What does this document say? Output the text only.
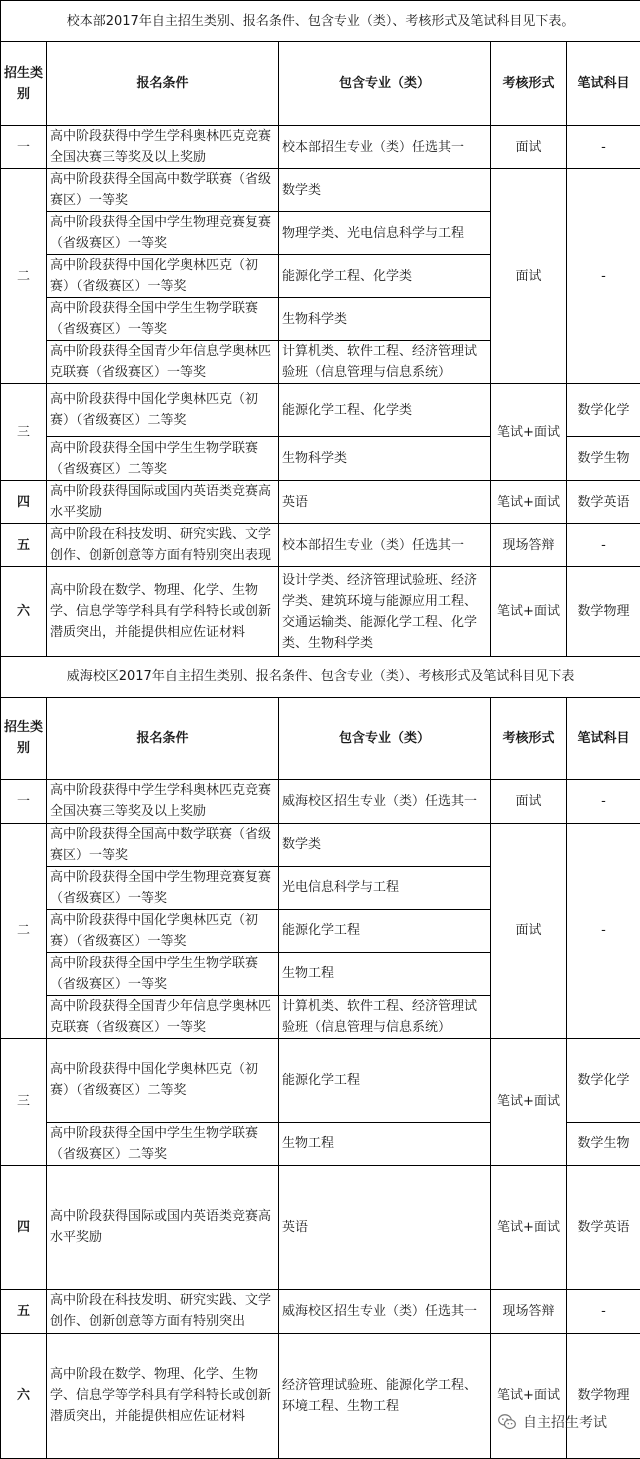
校本部2017年自主招生类别、报名条件、包含专业（类）、考核形式及笔试科目见下表。				
招生类别	报名条件	包含专业（类）	考核形式	笔试科目
一	高中阶段获得中学生学科奥林匹克竞赛全国决赛三等奖及以上奖励	校本部招生专业（类）任选其一	面试	-
二	高中阶段获得全国高中数学联赛（省级赛区）一等奖	数学类	面试	-
	高中阶段获得全国中学生物理竞赛复赛（省级赛区）一等奖	物理学类、光电信息科学与工程		
	高中阶段获得中国化学奥林匹克（初赛）（省级赛区）一等奖	能源化学工程、化学类		
	高中阶段获得全国中学生生物学联赛（省级赛区）一等奖	生物科学类		
	高中阶段获得全国青少年信息学奥林匹克联赛（省级赛区）一等奖	计算机类、软件工程、经济管理试验班（信息管理与信息系统）		
三	高中阶段获得中国化学奥林匹克（初赛）（省级赛区）二等奖	能源化学工程、化学类	笔试+面试	数学化学
	高中阶段获得全国中学生生物学联赛（省级赛区）二等奖	生物科学类		数学生物
四	高中阶段获得国际或国内英语类竞赛高水平奖励	英语	笔试+面试	数学英语
五	高中阶段在科技发明、研究实践、文学创作、创新创意等方面有特别突出表现	校本部招生专业（类）任选其一	现场答辩	-
六	高中阶段在数学、物理、化学、生物学、信息学等学科具有学科特长或创新潜质突出，并能提供相应佐证材料	设计学类、经济管理试验班、经济学类、建筑环境与能源应用工程、交通运输类、能源化学工程、化学类、生物科学类	笔试+面试	数学物理
威海校区2017年自主招生类别、报名条件、包含专业（类）、考核形式及笔试科目见下表				
招生类别	报名条件	包含专业（类）	考核形式	笔试科目
一	高中阶段获得中学生学科奥林匹克竞赛全国决赛三等奖及以上奖励	威海校区招生专业（类）任选其一	面试	-
二	高中阶段获得全国高中数学联赛（省级赛区）一等奖	数学类	面试	-
	高中阶段获得全国中学生物理竞赛复赛（省级赛区）一等奖	光电信息科学与工程		
	高中阶段获得中国化学奥林匹克（初赛）（省级赛区）一等奖	能源化学工程		
	高中阶段获得全国中学生生物学联赛（省级赛区）一等奖	生物工程		
	高中阶段获得全国青少年信息学奥林匹克联赛（省级赛区）一等奖	计算机类、软件工程、经济管理试验班（信息管理与信息系统）		
三	高中阶段获得中国化学奥林匹克（初赛）（省级赛区）二等奖	能源化学工程	笔试+面试	数学化学
	高中阶段获得全国中学生生物学联赛（省级赛区）二等奖	生物工程		数学生物
四	高中阶段获得国际或国内英语类竞赛高水平奖励	英语	笔试+面试	数学英语
五	高中阶段在科技发明、研究实践、文学创作、创新创意等方面有特别突出	威海校区招生专业（类）任选其一	现场答辩	-
六	高中阶段在数学、物理、化学、生物学、信息学等学科具有学科特长或创新潜质突出，并能提供相应佐证材料	经济管理试验班、能源化学工程、环境工程、生物工程	笔试+面试	数学物理
自主招生考试
